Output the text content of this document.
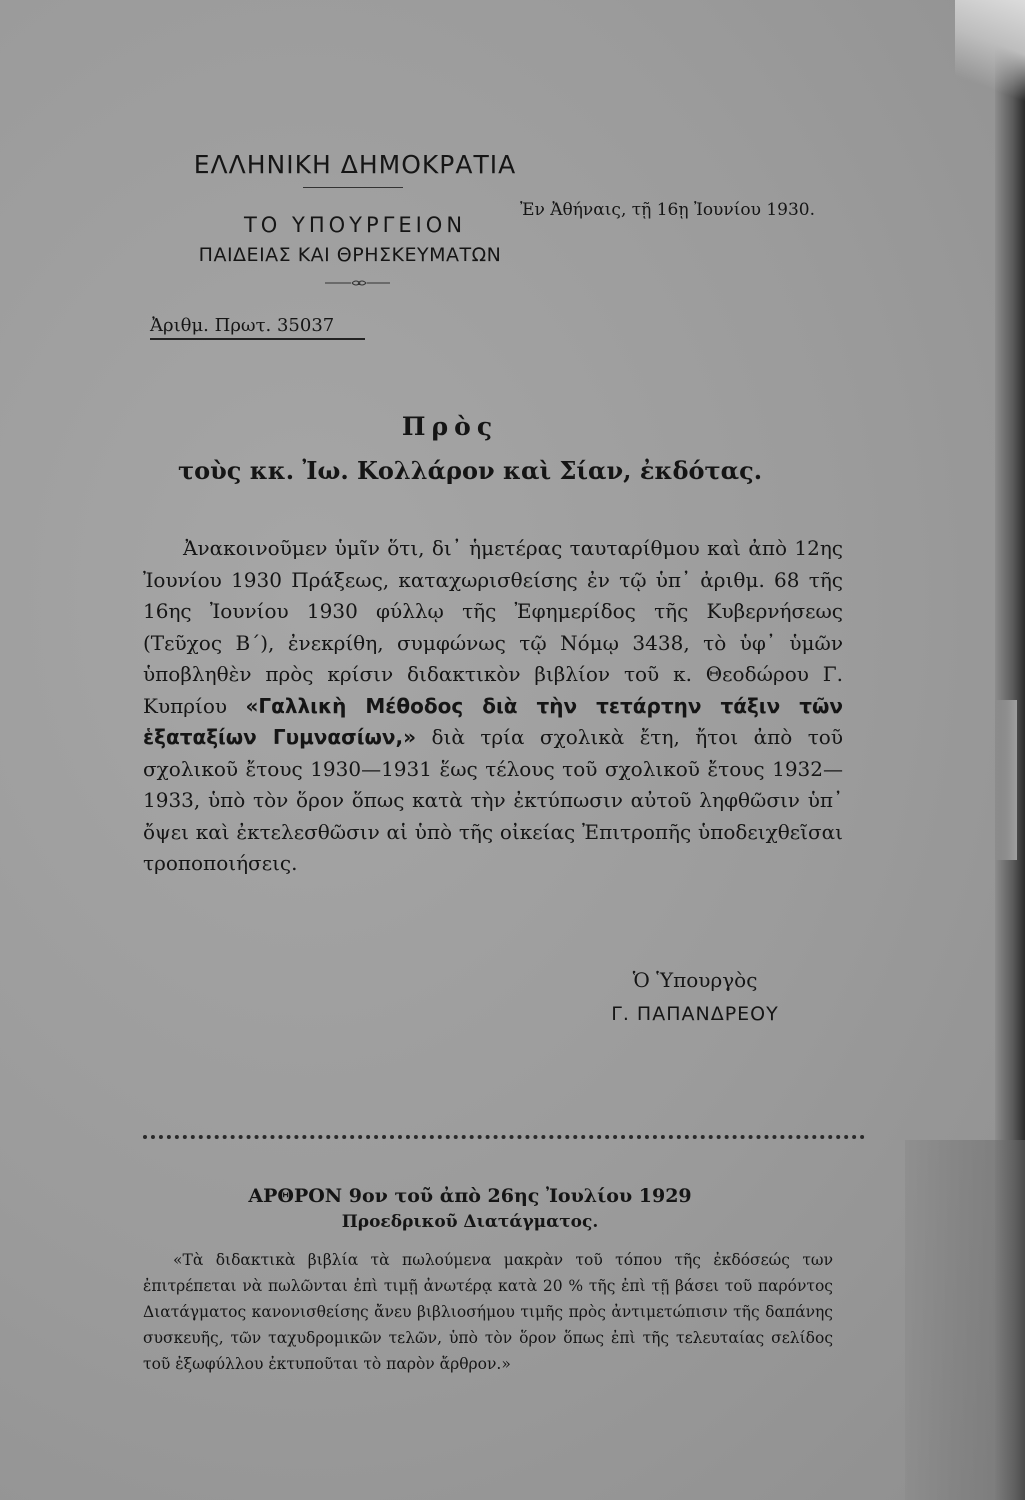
ΕΛΛΗΝΙΚΗ ΔΗΜΟΚΡΑΤΙΑ
ΤΟ ΥΠΟΥΡΓΕΙΟΝ
ΠΑΙΔΕΙΑΣ ΚΑΙ ΘΡΗΣΚΕΥΜΑΤΩΝ
Ἐν Ἀθήναις, τῇ 16ῃ Ἰουνίου 1930.
Ἀριθμ. Πρωτ. 35037
Πρὸς
τοὺς κκ. Ἰω. Κολλάρον καὶ Σίαν, ἐκδότας.

Ἀνακοινοῦμεν ὑμῖν ὅτι, δι᾽ ἡμετέρας ταυταρίθμου καὶ ἀπὸ 12ης Ἰουνίου 1930 Πράξεως, καταχωρισθείσης ἐν τῷ ὑπ᾽ ἀριθμ. 68 τῆς 16ης Ἰουνίου 1930 φύλλῳ τῆς Ἐφημερίδος τῆς Κυβερνήσεως (Τεῦχος Β΄), ἐνεκρίθη, συμφώνως τῷ Νόμῳ 3438, τὸ ὑφ᾽ ὑμῶν ὑποβληθὲν πρὸς κρίσιν διδακτικὸν βιβλίον τοῦ κ. Θεοδώρου Γ. Κυπρίου «Γαλλικὴ Μέθοδος διὰ τὴν τετάρτην τάξιν τῶν ἑξαταξίων Γυμνασίων,» διὰ τρία σχολικὰ ἔτη, ἤτοι ἀπὸ τοῦ σχολικοῦ ἔτους 1930—1931 ἕως τέλους τοῦ σχολικοῦ ἔτους 1932—1933, ὑπὸ τὸν ὅρον ὅπως κατὰ τὴν ἐκτύπωσιν αὐτοῦ ληφθῶσιν ὑπ᾽ ὄψει καὶ ἐκτελεσθῶσιν αἱ ὑπὸ τῆς οἰκείας Ἐπιτροπῆς ὑποδειχθεῖσαι τροποποιήσεις.

Ὁ Ὑπουργὸς
Γ. ΠΑΠΑΝΔΡΕΟΥ
ΑΡΘΡΟΝ 9ον τοῦ ἀπὸ 26ης Ἰουλίου 1929
Προεδρικοῦ Διατάγματος.

«Τὰ διδακτικὰ βιβλία τὰ πωλούμενα μακρὰν τοῦ τόπου τῆς ἐκδόσεώς των ἐπιτρέπεται νὰ πωλῶνται ἐπὶ τιμῇ ἀνωτέρᾳ κατὰ 20 % τῆς ἐπὶ τῇ βάσει τοῦ παρόντος Διατάγματος κανονισθείσης ἄνευ βιβλιοσήμου τιμῆς πρὸς ἀντιμετώπισιν τῆς δαπάνης συσκευῆς, τῶν ταχυδρομικῶν τελῶν, ὑπὸ τὸν ὅρον ὅπως ἐπὶ τῆς τελευταίας σελίδος τοῦ ἐξωφύλλου ἐκτυποῦται τὸ παρὸν ἄρθρον.»
